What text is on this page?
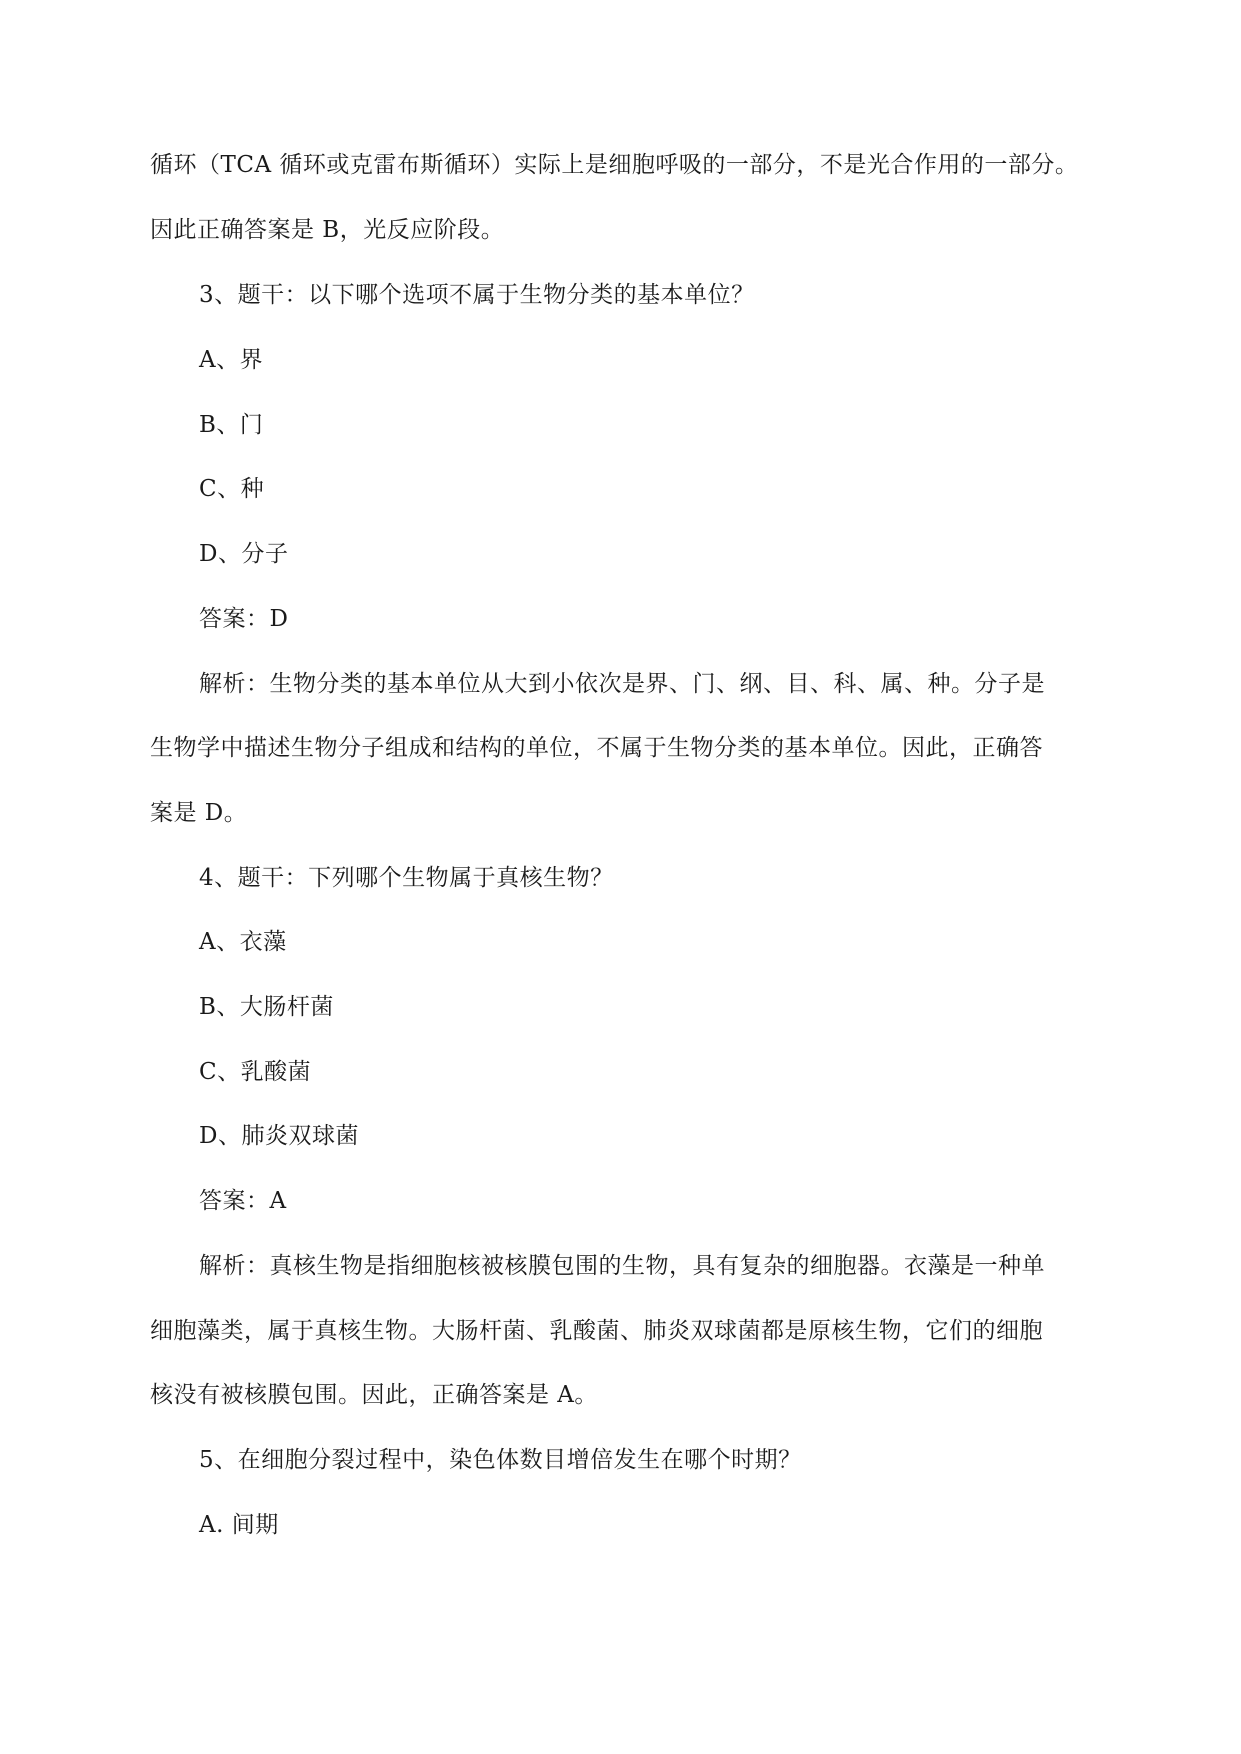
循环（TCA 循环或克雷布斯循环）实际上是细胞呼吸的一部分，不是光合作用的一部分。
因此正确答案是 B，光反应阶段。
3、题干：以下哪个选项不属于生物分类的基本单位？
A、界
B、门
C、种
D、分子
答案：D
解析：生物分类的基本单位从大到小依次是界、门、纲、目、科、属、种。分子是
生物学中描述生物分子组成和结构的单位，不属于生物分类的基本单位。因此，正确答
案是 D。
4、题干：下列哪个生物属于真核生物？
A、衣藻
B、大肠杆菌
C、乳酸菌
D、肺炎双球菌
答案：A
解析：真核生物是指细胞核被核膜包围的生物，具有复杂的细胞器。衣藻是一种单
细胞藻类，属于真核生物。大肠杆菌、乳酸菌、肺炎双球菌都是原核生物，它们的细胞
核没有被核膜包围。因此，正确答案是 A。
5、在细胞分裂过程中，染色体数目增倍发生在哪个时期？
A. 间期
